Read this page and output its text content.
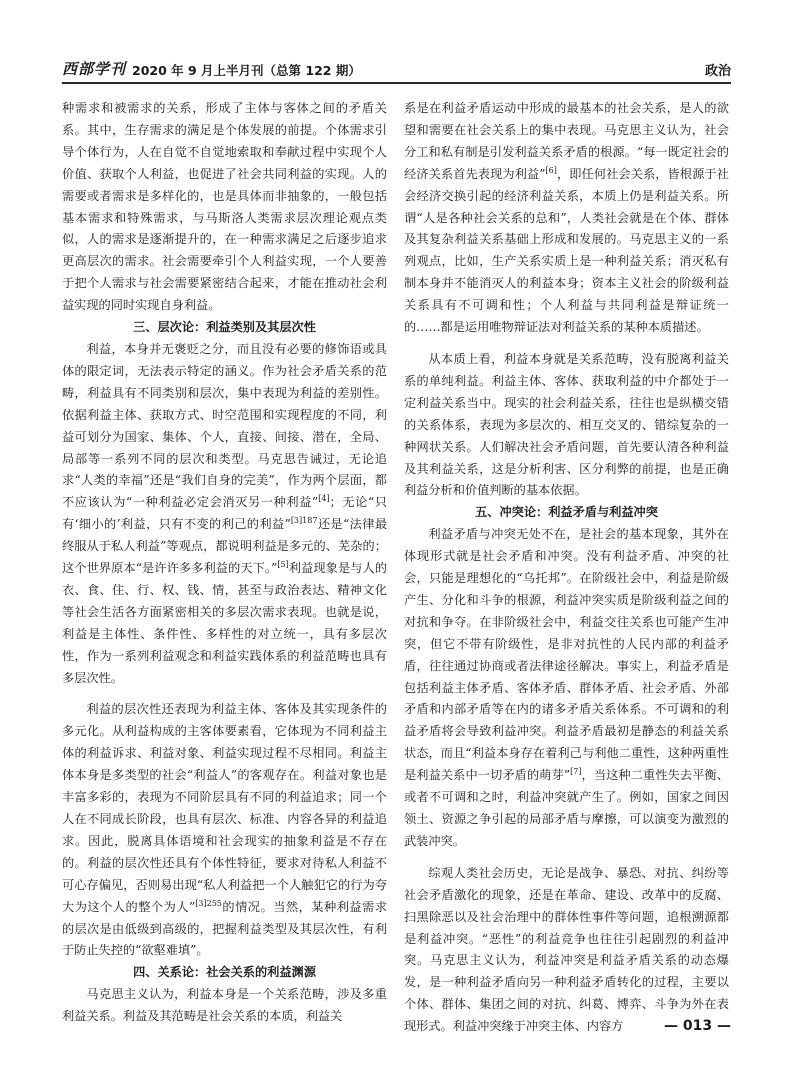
西部学刊 2020 年 9 月上半月刊（总第 122 期）	政治

种需求和被需求的关系，形成了主体与客体之间的矛盾关系。其中，生存需求的满足是个体发展的前提。个体需求引导个体行为，人在自觉不自觉地索取和奉献过程中实现个人价值、获取个人利益，也促进了社会共同利益的实现。人的需要或者需求是多样化的，也是具体而非抽象的，一般包括基本需求和特殊需求，与马斯洛人类需求层次理论观点类似，人的需求是逐渐提升的，在一种需求满足之后逐步追求更高层次的需求。社会需要牵引个人利益实现，一个人要善于把个人需求与社会需要紧密结合起来，才能在推动社会利益实现的同时实现自身利益。

三、层次论：利益类别及其层次性

利益，本身并无褒贬之分，而且没有必要的修饰语或具体的限定词，无法表示特定的涵义。作为社会矛盾关系的范畴，利益具有不同类别和层次，集中表现为利益的差别性。依据利益主体、获取方式、时空范围和实现程度的不同，利益可划分为国家、集体、个人，直接、间接、潜在，全局、局部等一系列不同的层次和类型。马克思告诫过，无论追求“人类的幸福”还是“我们自身的完美”，作为两个层面，都不应该认为“一种利益必定会消灭另一种利益”[4]；无论“只有‘细小的’利益，只有不变的利己的利益”$^{[3]187}$还是“法律最终服从于私人利益”等观点，都说明利益是多元的、芜杂的；这个世界原本“是许许多多利益的天下。”[5]利益现象是与人的衣、食、住、行、权、钱、情，甚至与政治表达、精神文化等社会生活各方面紧密相关的多层次需求表现。也就是说，利益是主体性、条件性、多样性的对立统一，具有多层次性，作为一系列利益观念和利益实践体系的利益范畴也具有多层次性。

利益的层次性还表现为利益主体、客体及其实现条件的多元化。从利益构成的主客体要素看，它体现为不同利益主体的利益诉求、利益对象、利益实现过程不尽相同。利益主体本身是多类型的社会“利益人”的客观存在。利益对象也是丰富多彩的，表现为不同阶层具有不同的利益追求；同一个人在不同成长阶段，也具有层次、标准、内容各异的利益追求。因此，脱离具体语境和社会现实的抽象利益是不存在的。利益的层次性还具有个体性特征，要求对待私人利益不可心存偏见，否则易出现“私人利益把一个人触犯它的行为夸大为这个人的整个为人”$^{[3]255}$的情况。当然，某种利益需求的层次是由低级到高级的，把握利益类型及其层次性，有利于防止失控的“欲壑难填”。

四、关系论：社会关系的利益渊源

马克思主义认为，利益本身是一个关系范畴，涉及多重利益关系。利益及其范畴是社会关系的本质，利益关

系是在利益矛盾运动中形成的最基本的社会关系，是人的欲望和需要在社会关系上的集中表现。马克思主义认为，社会分工和私有制是引发利益关系矛盾的根源。“每一既定社会的经济关系首先表现为利益”[6]，即任何社会关系，皆根源于社会经济交换引起的经济利益关系，本质上仍是利益关系。所谓“人是各种社会关系的总和”，人类社会就是在个体、群体及其复杂利益关系基础上形成和发展的。马克思主义的一系列观点，比如，生产关系实质上是一种利益关系；消灭私有制本身并不能消灭人的利益本身；资本主义社会的阶级利益关系具有不可调和性；个人利益与共同利益是辩证统一的……都是运用唯物辩证法对利益关系的某种本质描述。

从本质上看，利益本身就是关系范畴，没有脱离利益关系的单纯利益。利益主体、客体、获取利益的中介都处于一定利益关系当中。现实的社会利益关系，往往也是纵横交错的关系体系，表现为多层次的、相互交叉的、错综复杂的一种网状关系。人们解决社会矛盾问题，首先要认清各种利益及其利益关系，这是分析利害、区分利弊的前提，也是正确利益分析和价值判断的基本依据。

五、冲突论：利益矛盾与利益冲突

利益矛盾与冲突无处不在，是社会的基本现象，其外在体现形式就是社会矛盾和冲突。没有利益矛盾、冲突的社会，只能是理想化的“乌托邦”。在阶级社会中，利益是阶级产生、分化和斗争的根源，利益冲突实质是阶级利益之间的对抗和争夺。在非阶级社会中，利益交往关系也可能产生冲突，但它不带有阶级性，是非对抗性的人民内部的利益矛盾，往往通过协商或者法律途径解决。事实上，利益矛盾是包括利益主体矛盾、客体矛盾、群体矛盾、社会矛盾、外部矛盾和内部矛盾等在内的诸多矛盾关系体系。不可调和的利益矛盾将会导致利益冲突。利益矛盾最初是静态的利益关系状态，而且“利益本身存在着利己与利他二重性，这种两重性是利益关系中一切矛盾的萌芽”[7]，当这种二重性失去平衡、或者不可调和之时，利益冲突就产生了。例如，国家之间因领土、资源之争引起的局部矛盾与摩擦，可以演变为激烈的武装冲突。

综观人类社会历史，无论是战争、暴恐、对抗、纠纷等社会矛盾激化的现象，还是在革命、建设、改革中的反腐、扫黑除恶以及社会治理中的群体性事件等问题，追根溯源都是利益冲突。“恶性”的利益竞争也往往引起剧烈的利益冲突。马克思主义认为，利益冲突是利益矛盾关系的动态爆发，是一种利益矛盾向另一种利益矛盾转化的过程，主要以个体、群体、集团之间的对抗、纠葛、博弈、斗争为外在表现形式。利益冲突缘于冲突主体、内容方	— 013 —
